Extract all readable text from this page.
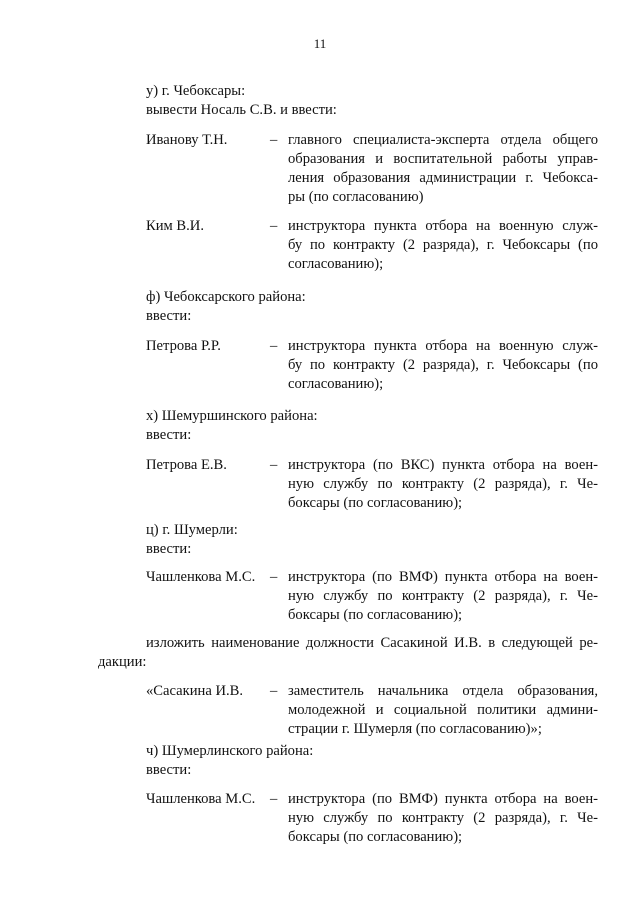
11
у) г. Чебоксары:
вывести Носаль С.В. и ввести:
Иванову Т.Н.	– главного специалиста-эксперта отдела общего
образования и воспитательной работы управ-
ления образования администрации г. Чебокса-
ры (по согласованию)
Ким В.И.	– инструктора пункта отбора на военную служ-
бу по контракту (2 разряда), г. Чебоксары (по
согласованию);
ф) Чебоксарского района:
ввести:
Петрова Р.Р.	– инструктора пункта отбора на военную служ-
бу по контракту (2 разряда), г. Чебоксары (по
согласованию);
х) Шемуршинского района:
ввести:
Петрова Е.В.	– инструктора (по ВКС) пункта отбора на воен-
ную службу по контракту (2 разряда), г. Че-
боксары (по согласованию);
ц) г. Шумерли:
ввести:
Чашленкова М.С. – инструктора (по ВМФ) пункта отбора на воен-
ную службу по контракту (2 разряда), г. Че-
боксары (по согласованию);
изложить наименование должности Сасакиной И.В. в следующей ре-
дакции:
«Сасакина И.В. – заместитель начальника отдела образования,
молодежной и социальной политики админи-
страции г. Шумерля (по согласованию)»;
ч) Шумерлинского района:
ввести:
Чашленкова М.С. – инструктора (по ВМФ) пункта отбора на воен-
ную службу по контракту (2 разряда), г. Че-
боксары (по согласованию);
